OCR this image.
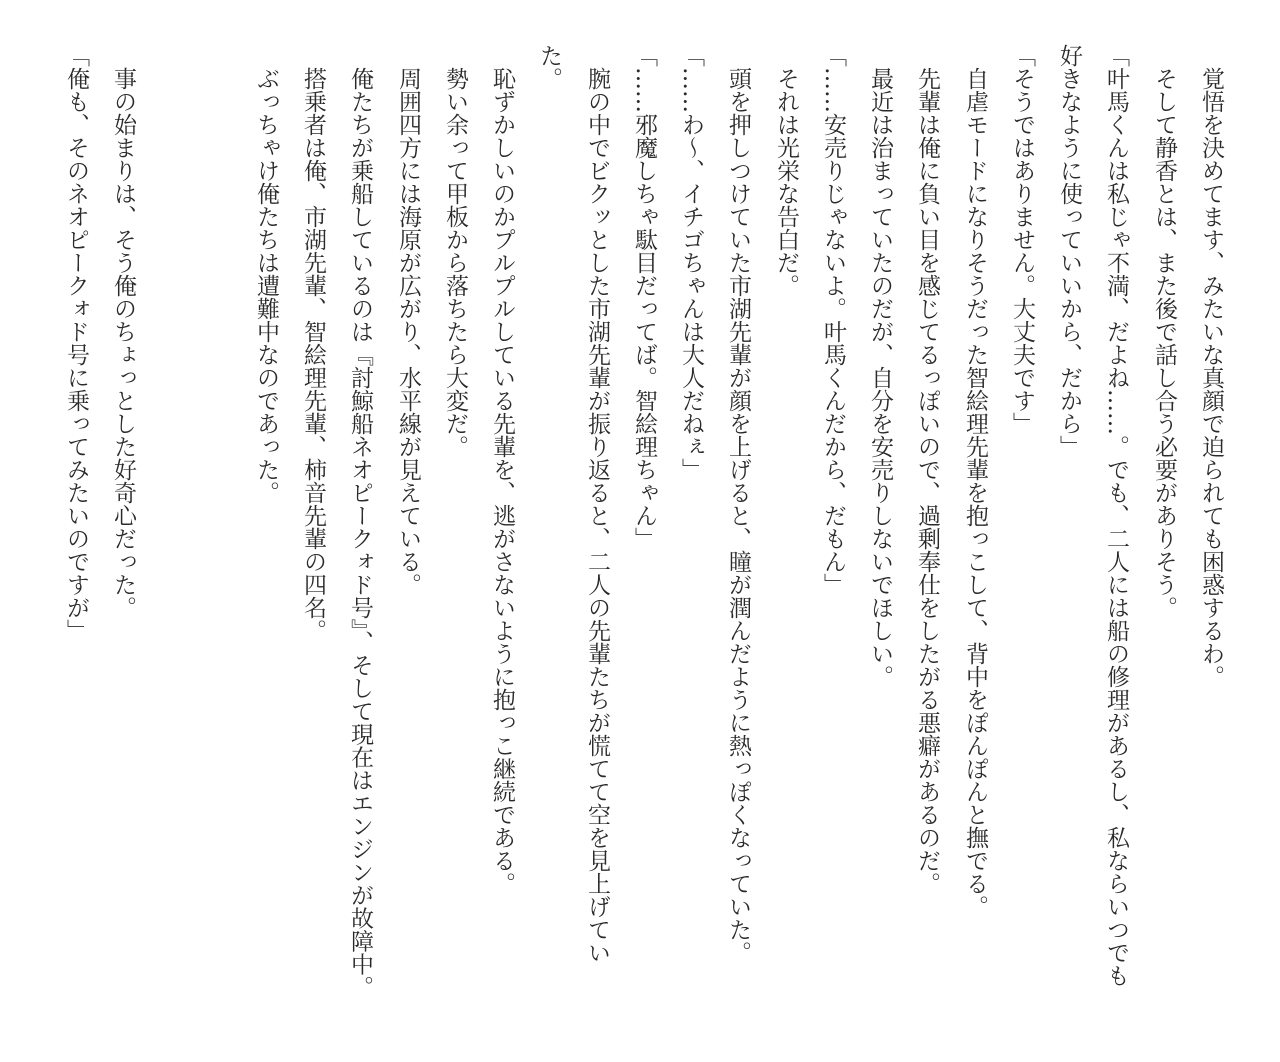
　覚悟を決めてます、みたいな真顔で迫られても困惑するわ。
　そして静香とは、また後で話し合う必要がありそう。
「叶馬くんは私じゃ不満、だよね……。でも、二人には船の修理があるし、私ならいつでも
好きなように使っていいから、だから」
「そうではありません。大丈夫です」
　自虐モードになりそうだった智絵理先輩を抱っこして、背中をぽんぽんと撫でる。
　先輩は俺に負い目を感じてるっぽいので、過剰奉仕をしたがる悪癖があるのだ。
　最近は治まっていたのだが、自分を安売りしないでほしい。
「……安売りじゃないよ。叶馬くんだから、だもん」
　それは光栄な告白だ。
　頭を押しつけていた市湖先輩が顔を上げると、瞳が潤んだように熱っぽくなっていた。
「……わ～、イチゴちゃんは大人だねぇ」
「……邪魔しちゃ駄目だってば。智絵理ちゃん」
　腕の中でビクッとした市湖先輩が振り返ると、二人の先輩たちが慌てて空を見上げてい
た。
　恥ずかしいのかプルプルしている先輩を、逃がさないように抱っこ継続である。
　勢い余って甲板から落ちたら大変だ。
　周囲四方には海原が広がり、水平線が見えている。
　俺たちが乗船しているのは『討鯨船ネオピークォド号』、そして現在はエンジンが故障中。
　搭乗者は俺、市湖先輩、智絵理先輩、柿音先輩の四名。
　ぶっちゃけ俺たちは遭難中なのであった。
　事の始まりは、そう俺のちょっとした好奇心だった。
「俺も、そのネオピークォド号に乗ってみたいのですが」
